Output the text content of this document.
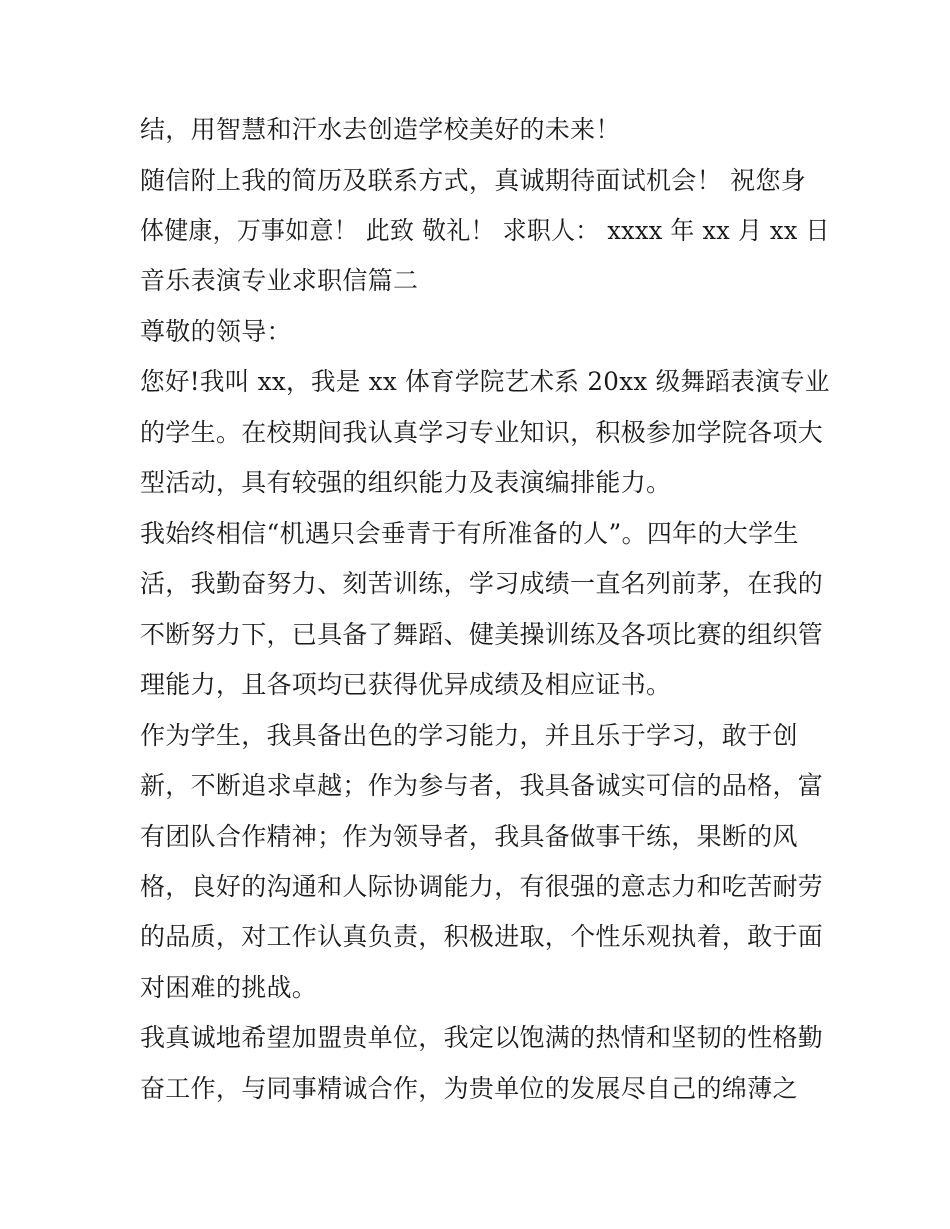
结，用智慧和汗水去创造学校美好的未来！

随信附上我的简历及联系方式，真诚期待面试机会！ 祝您身

体健康，万事如意！ 此致 敬礼！ 求职人： xxxx 年 xx 月 xx 日

音乐表演专业求职信篇二

尊敬的领导：

您好!我叫 xx，我是 xx 体育学院艺术系 20xx 级舞蹈表演专业

的学生。在校期间我认真学习专业知识，积极参加学院各项大

型活动，具有较强的组织能力及表演编排能力。

我始终相信“机遇只会垂青于有所准备的人”。四年的大学生

活，我勤奋努力、刻苦训练，学习成绩一直名列前茅，在我的

不断努力下，已具备了舞蹈、健美操训练及各项比赛的组织管

理能力，且各项均已获得优异成绩及相应证书。

作为学生，我具备出色的学习能力，并且乐于学习，敢于创

新，不断追求卓越；作为参与者，我具备诚实可信的品格，富

有团队合作精神；作为领导者，我具备做事干练，果断的风

格，良好的沟通和人际协调能力，有很强的意志力和吃苦耐劳

的品质，对工作认真负责，积极进取，个性乐观执着，敢于面

对困难的挑战。

我真诚地希望加盟贵单位，我定以饱满的热情和坚韧的性格勤

奋工作，与同事精诚合作，为贵单位的发展尽自己的绵薄之
